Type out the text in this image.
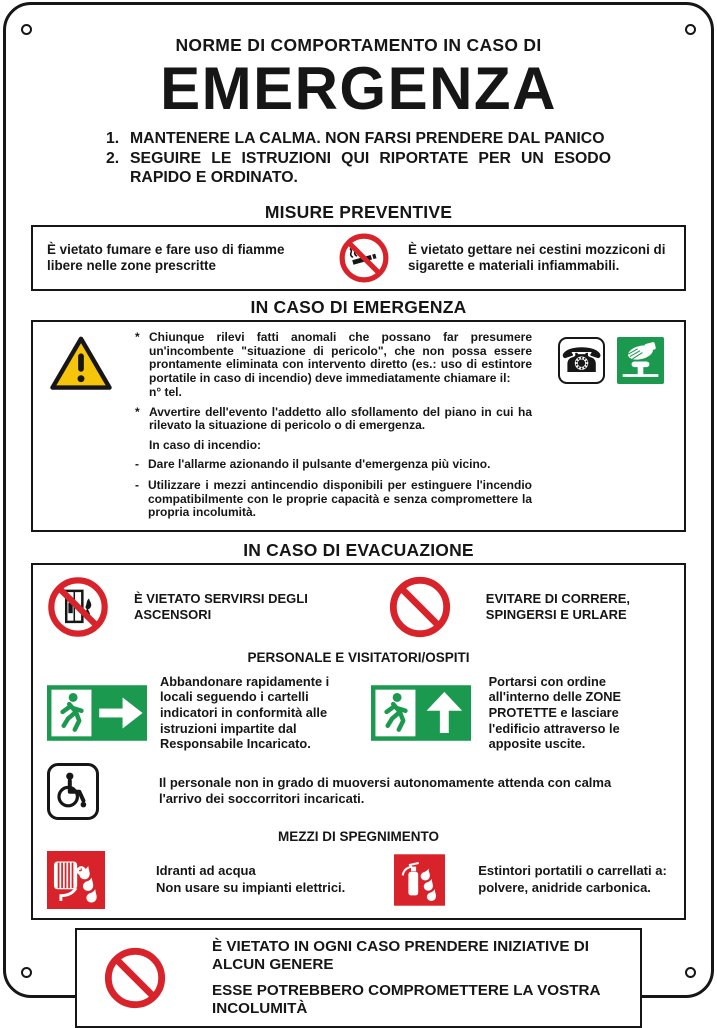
NORME DI COMPORTAMENTO IN CASO DI
EMERGENZA
1. MANTENERE LA CALMA. NON FARSI PRENDERE DAL PANICO
2. SEGUIRE LE ISTRUZIONI QUI RIPORTATE PER UN ESODO RAPIDO E ORDINATO.
MISURE PREVENTIVE

È vietato fumare e fare uso di fiamme libere nelle zone prescritte

È vietato gettare nei cestini mozziconi di sigarette e materiali infiammabili.

IN CASO DI EMERGENZA
* Chiunque rilevi fatti anomali che possano far presumere un'incombente "situazione di pericolo", che non possa essere prontamente eliminata con intervento diretto (es.: uso di estintore portatile in caso di incendio) deve immediatamente chiamare il:
n° tel.
* Avvertire dell'evento l'addetto allo sfollamento del piano in cui ha rilevato la situazione di pericolo o di emergenza.
In caso di incendio:
- Dare l'allarme azionando il pulsante d'emergenza più vicino.
- Utilizzare i mezzi antincendio disponibili per estinguere l'incendio compatibilmente con le proprie capacità e senza compromettere la propria incolumità.
☎
IN CASO DI EVACUAZIONE

È VIETATO SERVIRSI DEGLI ASCENSORI

EVITARE DI CORRERE, SPINGERSI E URLARE

PERSONALE E VISITATORI/OSPITI

Abbandonare rapidamente i locali seguendo i cartelli indicatori in conformità alle istruzioni impartite dal Responsabile Incaricato.

Portarsi con ordine all'interno delle ZONE PROTETTE e lasciare l'edificio attraverso le apposite uscite.

Il personale non in grado di muoversi autonomamente attenda con calma l'arrivo dei soccorritori incaricati.

MEZZI DI SPEGNIMENTO

Idranti ad acqua
Non usare su impianti elettrici.

Estintori portatili o carrellati a: polvere, anidride carbonica.

È VIETATO IN OGNI CASO PRENDERE INIZIATIVE DI ALCUN GENERE

ESSE POTREBBERO COMPROMETTERE LA VOSTRA INCOLUMITÀ
